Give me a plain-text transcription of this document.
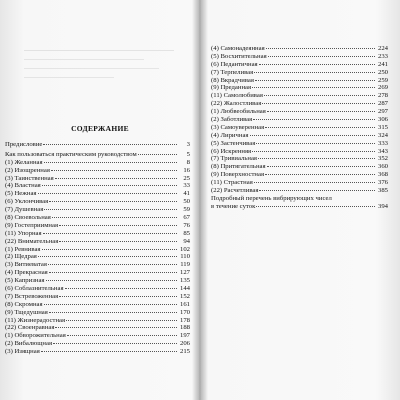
СОДЕРЖАНИЕ
Предисловие	3
Как пользоваться практическим руководством	5
(1) Желанная	8
(2) Изощренная	16
(3) Таинственная	25
(4) Властная	33
(5) Нежная	41
(6) Уклончивая	50
(7) Душевная	59
(8) Своевольная	67
(9) Гостеприимная	76
(11) Упорная	85
(22) Внимательная	94
(1) Ревнивая	102
(2) Щедрая	110
(3) Витиеватая	119
(4) Прекрасная	127
(5) Капризная	135
(6) Соблазнительная	144
(7) Встревоженная	152
(8) Скромная	161
(9) Тщедушная	170
(11) Жизнерадостная	178
(22) Своенравная	188
(1) Обворожительная	197
(2) Вибалющная	206
(3) Изящная	215
(4) Самонадеянная	224
(5) Восхитительная	233
(6) Педантичная	241
(7) Терпеливая	250
(8) Вкрадчивая	259
(9) Преданная	269
(11) Самолюбивая	278
(22) Жалостливая	287
(1) Любвеобильная	297
(2) Заботливая	306
(3) Самоуверенная	315
(4) Лиричная	324
(5) Застенчивая	333
(6) Искренняя	343
(7) Тривиальная	352
(8) Притягательная	360
(9) Поверхностная	368
(11) Страстная	376
(22) Расчетливая	385
Подробный перечень вибрирующих чисел
в течение суток	394
